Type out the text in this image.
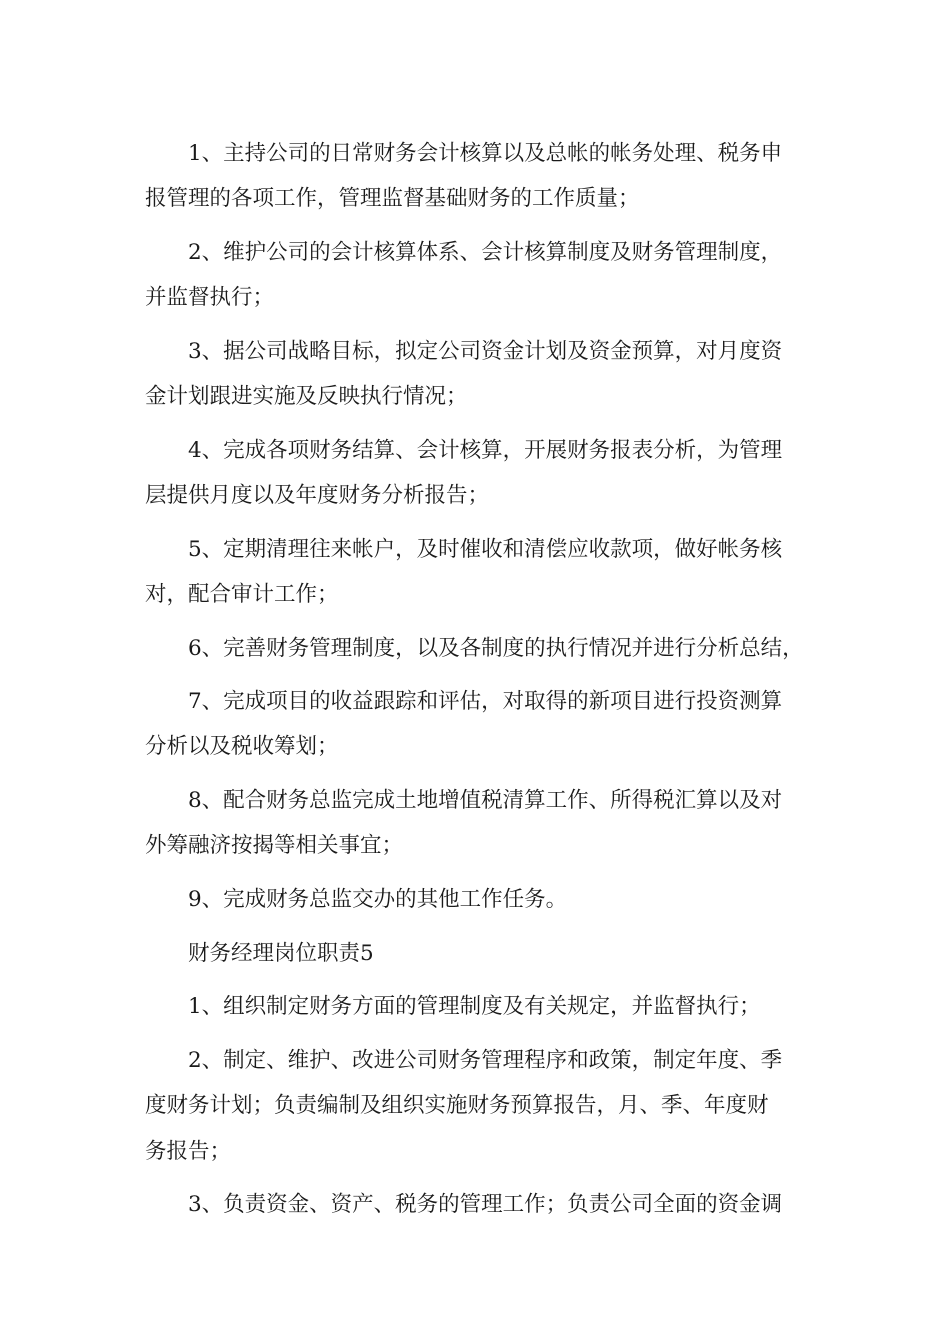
1、主持公司的日常财务会计核算以及总帐的帐务处理、税务申
报管理的各项工作，管理监督基础财务的工作质量；
2、维护公司的会计核算体系、会计核算制度及财务管理制度，
并监督执行；
3、据公司战略目标，拟定公司资金计划及资金预算，对月度资
金计划跟进实施及反映执行情况；
4、完成各项财务结算、会计核算，开展财务报表分析，为管理
层提供月度以及年度财务分析报告；
5、定期清理往来帐户，及时催收和清偿应收款项，做好帐务核
对，配合审计工作；
6、完善财务管理制度，以及各制度的执行情况并进行分析总结，
7、完成项目的收益跟踪和评估，对取得的新项目进行投资测算
分析以及税收筹划；
8、配合财务总监完成土地增值税清算工作、所得税汇算以及对
外筹融济按揭等相关事宜；
9、完成财务总监交办的其他工作任务。
财务经理岗位职责5
1、组织制定财务方面的管理制度及有关规定，并监督执行；
2、制定、维护、改进公司财务管理程序和政策，制定年度、季
度财务计划；负责编制及组织实施财务预算报告，月、季、年度财
务报告；
3、负责资金、资产、税务的管理工作；负责公司全面的资金调
